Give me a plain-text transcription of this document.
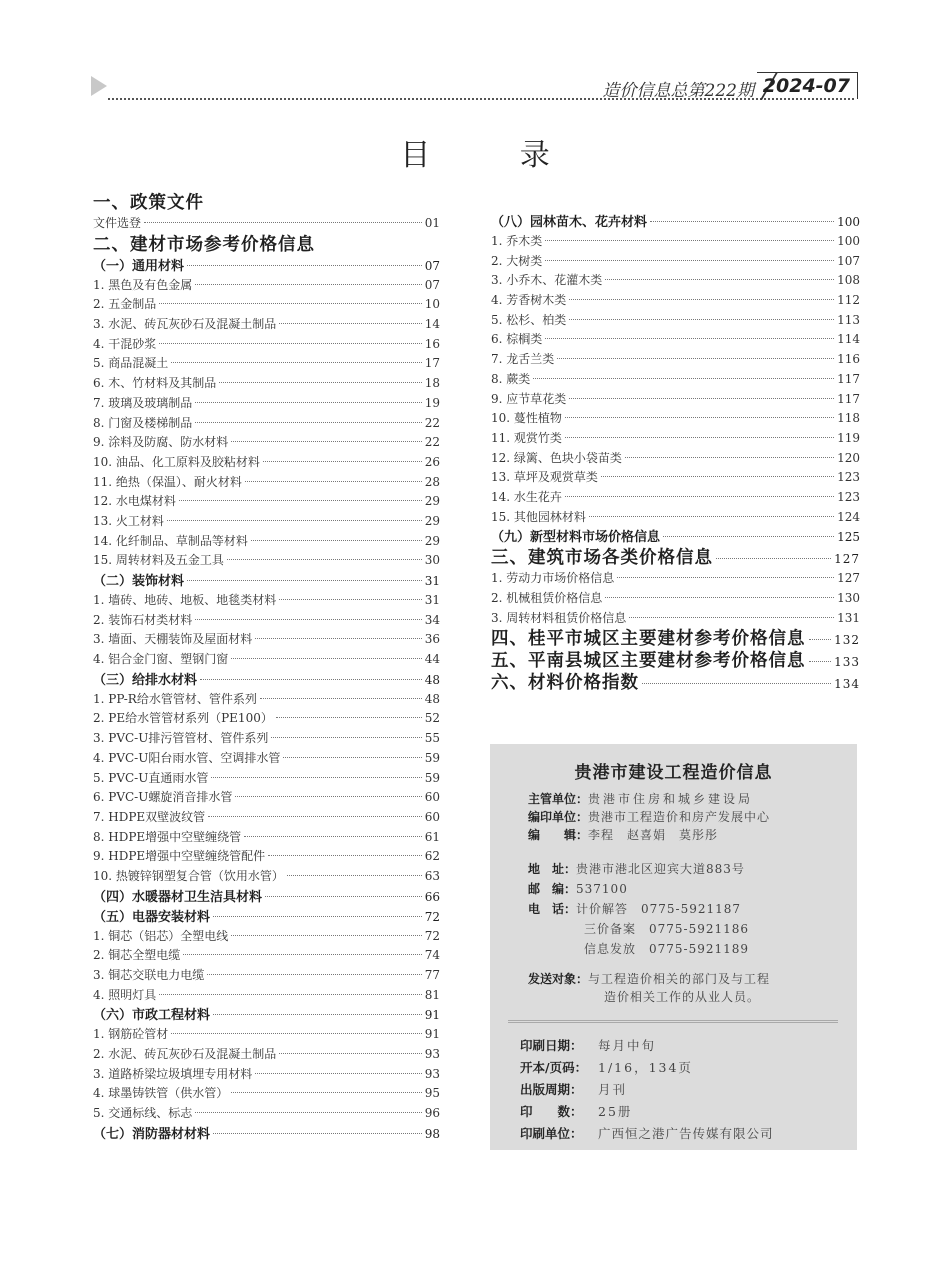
造价信息总第222期 2024-07
目 录
一、政策文件
文件选登	01
二、建材市场参考价格信息
（一）通用材料	07
1. 黑色及有色金属	07
2. 五金制品	10
3. 水泥、砖瓦灰砂石及混凝土制品	14
4. 干混砂浆	16
5. 商品混凝土	17
6. 木、竹材料及其制品	18
7. 玻璃及玻璃制品	19
8. 门窗及楼梯制品	22
9. 涂料及防腐、防水材料	22
10. 油品、化工原料及胶粘材料	26
11. 绝热（保温）、耐火材料	28
12. 水电煤材料	29
13. 火工材料	29
14. 化纤制品、草制品等材料	29
15. 周转材料及五金工具	30
（二）装饰材料	31
1. 墙砖、地砖、地板、地毯类材料	31
2. 装饰石材类材料	34
3. 墙面、天棚装饰及屋面材料	36
4. 铝合金门窗、塑钢门窗	44
（三）给排水材料	48
1. PP-R给水管管材、管件系列	48
2. PE给水管管材系列（PE100）	52
3. PVC-U排污管管材、管件系列	55
4. PVC-U阳台雨水管、空调排水管	59
5. PVC-U直通雨水管	59
6. PVC-U螺旋消音排水管	60
7. HDPE双壁波纹管	60
8. HDPE增强中空壁缠绕管	61
9. HDPE增强中空壁缠绕管配件	62
10. 热镀锌钢塑复合管（饮用水管）	63
（四）水暖器材卫生洁具材料	66
（五）电器安装材料	72
1. 铜芯（铝芯）全塑电线	72
2. 铜芯全塑电缆	74
3. 铜芯交联电力电缆	77
4. 照明灯具	81
（六）市政工程材料	91
1. 钢筋砼管材	91
2. 水泥、砖瓦灰砂石及混凝土制品	93
3. 道路桥梁垃圾填埋专用材料	93
4. 球墨铸铁管（供水管）	95
5. 交通标线、标志	96
（七）消防器材材料	98
（八）园林苗木、花卉材料	100
1. 乔木类	100
2. 大树类	107
3. 小乔木、花灌木类	108
4. 芳香树木类	112
5. 松杉、柏类	113
6. 棕榈类	114
7. 龙舌兰类	116
8. 蕨类	117
9. 应节草花类	117
10. 蔓性植物	118
11. 观赏竹类	119
12. 绿篱、色块小袋苗类	120
13. 草坪及观赏草类	123
14. 水生花卉	123
15. 其他园林材料	124
（九）新型材料市场价格信息	125
三、建筑市场各类价格信息	127
1. 劳动力市场价格信息	127
2. 机械租赁价格信息	130
3. 周转材料租赁价格信息	131
四、桂平市城区主要建材参考价格信息 132
五、平南县城区主要建材参考价格信息 133
六、材料价格指数	134
贵港市建设工程造价信息
主管单位：贵港市住房和城乡建设局
编印单位：贵港市工程造价和房产发展中心
编　　辑：李程　赵喜娟　莫彤彤
地　址：贵港市港北区迎宾大道883号
邮　编：537100
电　话：计价解答　0775-5921187
三价备案　0775-5921186
信息发放　0775-5921189
发送对象：与工程造价相关的部门及与工程
造价相关工作的从业人员。
印刷日期： 每月中旬
开本/页码： 1/16，134页
出版周期： 月刊
印　　数： 25册
印刷单位： 广西恒之港广告传媒有限公司
